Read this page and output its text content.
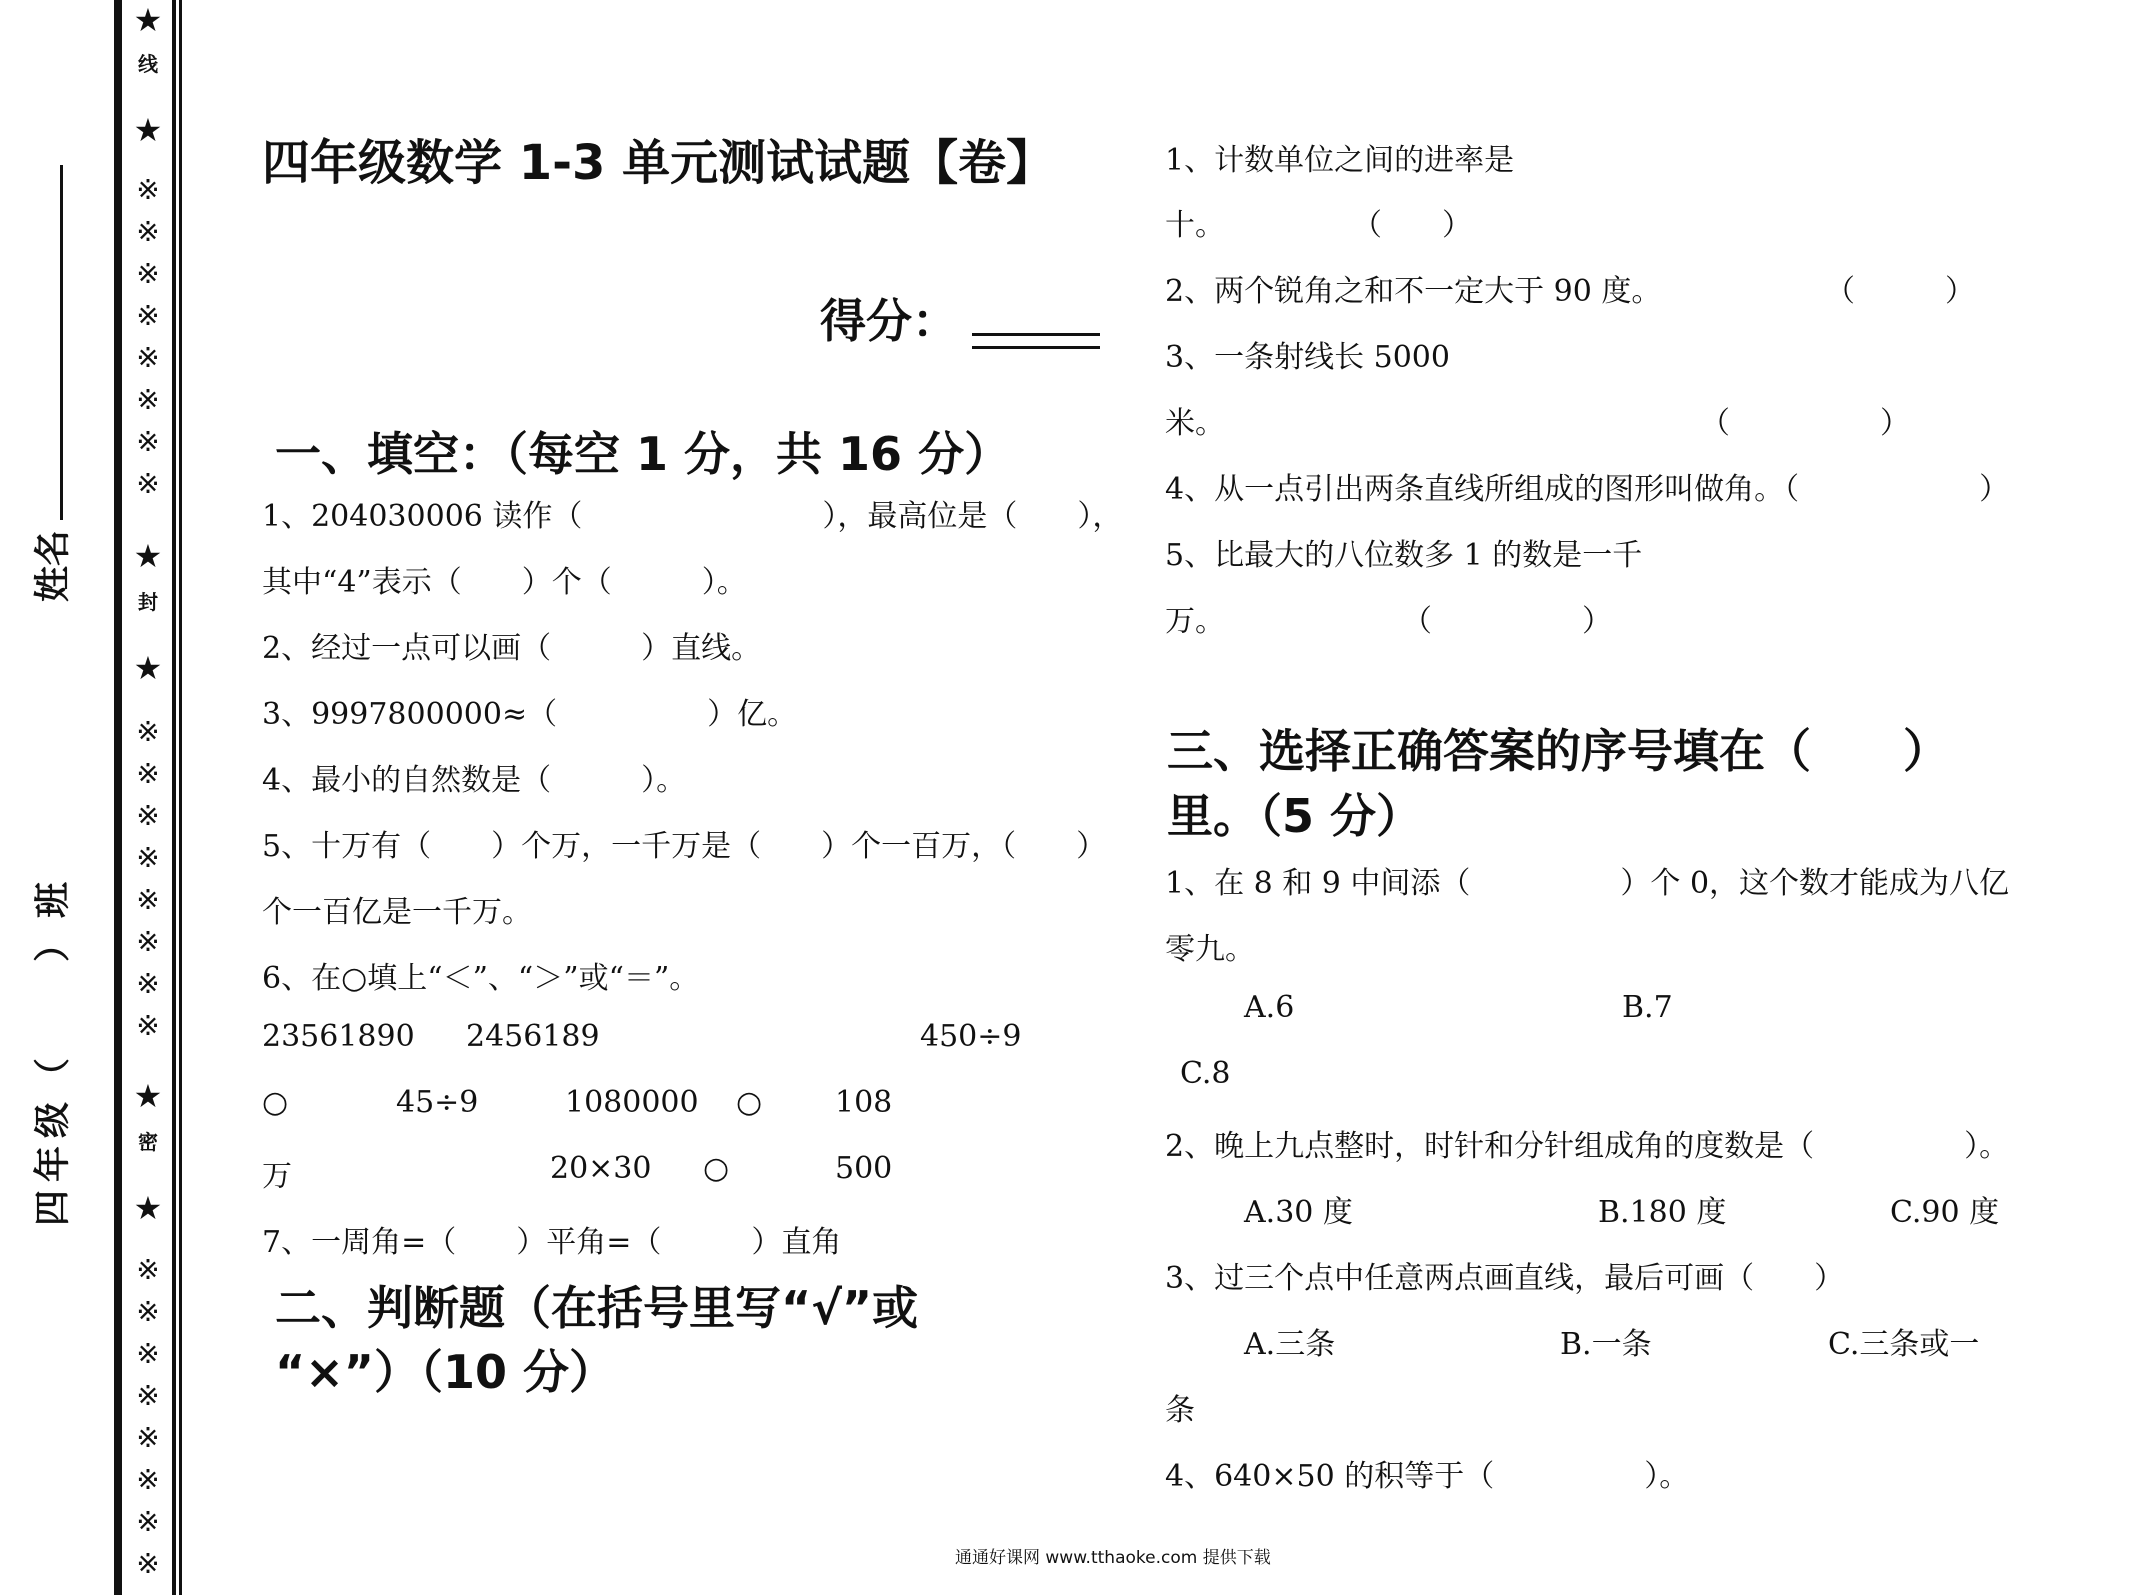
★
线
★
※
※
※
※
※
※
※
※
★
封
★
※
※
※
※
※
※
※
※
★
密
★
※
※
※
※
※
※
※
※
姓名
四年级（　　）班
四年级数学 1-3 单元测试试题【卷】
得分：
一、填空：（每空 1 分，共 16 分）
1、204030006 读作（　　　　　　　　），最高位是（　　），
其中“4”表示（　　）个（　　　）。
2、经过一点可以画（　　　）直线。
3、9997800000≈（　　　　　）亿。
4、最小的自然数是（　　　）。
5、十万有（　　）个万，一千万是（　　）个一百万，（　　）
个一百亿是一千万。
6、在○填上“＜”、“＞”或“＝”。
23561890 2456189	450÷9
○	45÷9	1080000 ○ 108
万	20×30 ○	500
7、一周角=（　　）平角=（　　　）直角
二、判断题（在括号里写“√”或
“×”）（10 分）
1、计数单位之间的进率是
十。	（　　）
2、两个锐角之和不一定大于 90 度。	（　　　）
3、一条射线长 5000
米。	（　　　　　）
4、从一点引出两条直线所组成的图形叫做角。（　　　　　　）
5、比最大的八位数多 1 的数是一千
万。	（　　　　　）
三、选择正确答案的序号填在（　　）
里。（5 分）
1、在 8 和 9 中间添（　　　　　）个 0，这个数才能成为八亿
零九。
A.6	B.7
C.8
2、晚上九点整时，时针和分针组成角的度数是（　　　　　）。
A.30 度	B.180 度	C.90 度
3、过三个点中任意两点画直线，最后可画（　　）
A.三条	B.一条	C.三条或一
条
4、640×50 的积等于（　　　　　）。
通通好课网 www.tthaoke.com 提供下载
